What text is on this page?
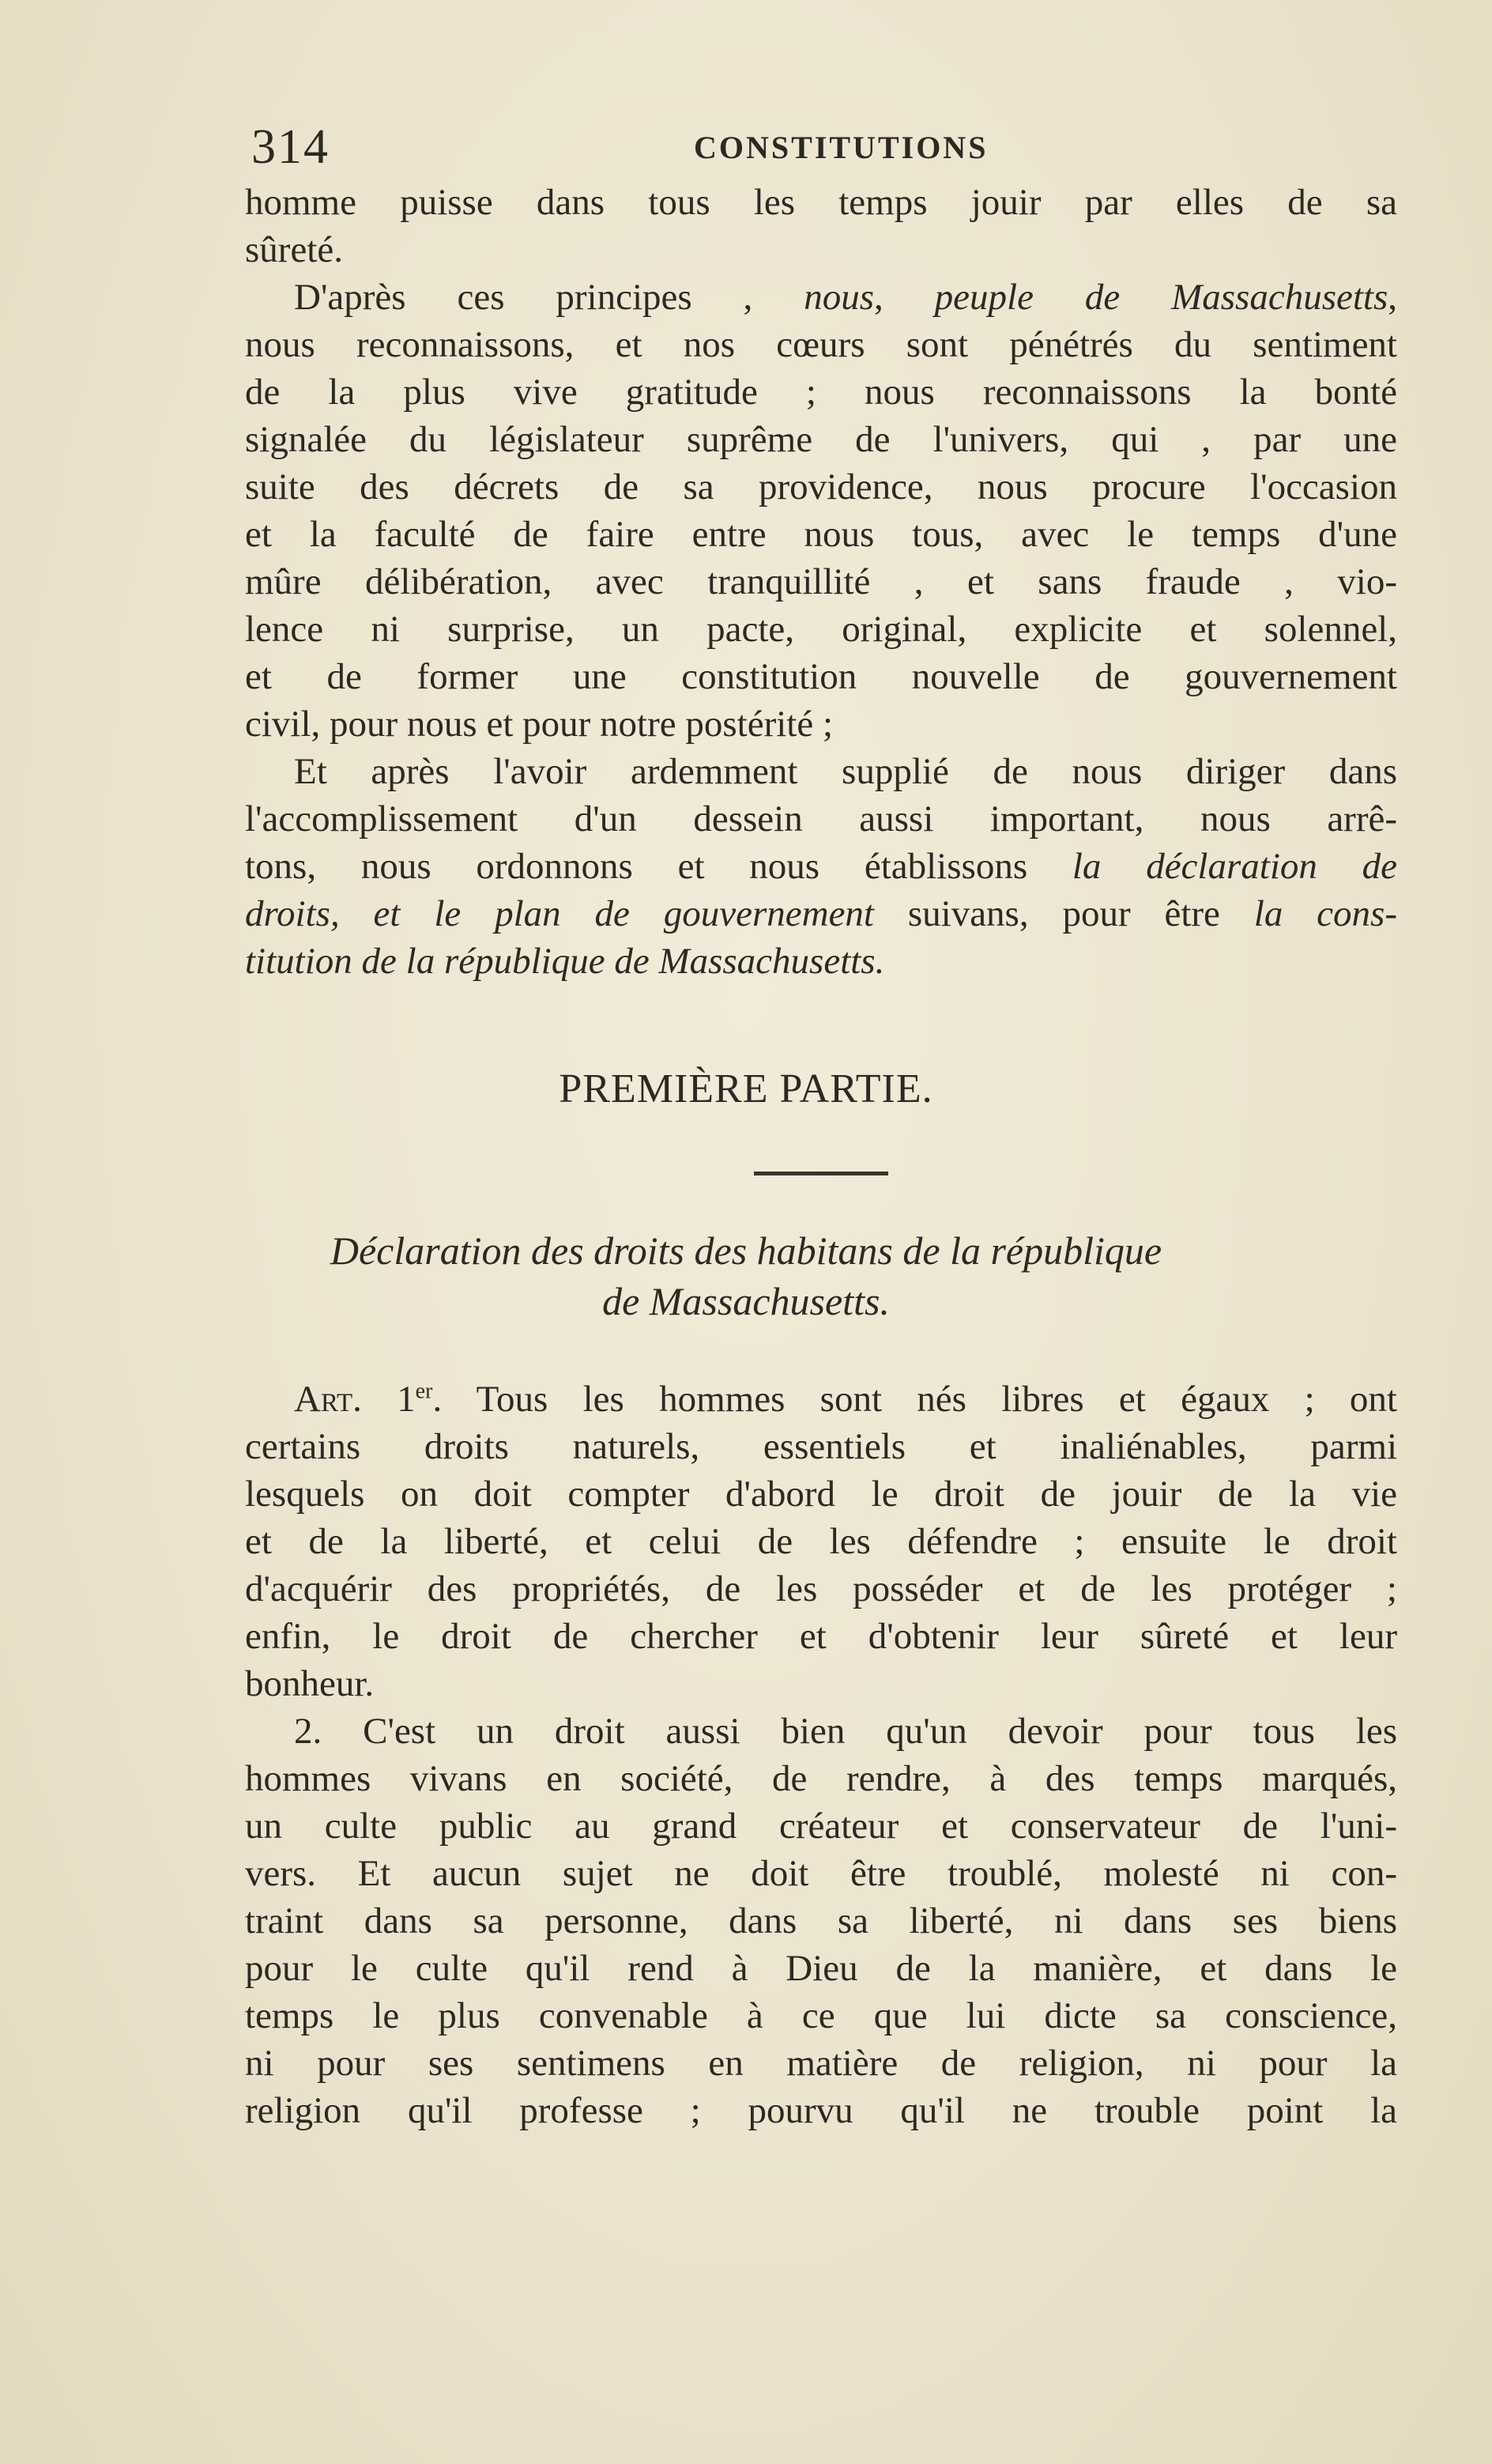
314	CONSTITUTIONS

homme puisse dans tous les temps jouir par elles de sa

sûreté.

D'après ces principes , nous, peuple de Massachusetts,

nous reconnaissons, et nos cœurs sont pénétrés du sentiment

de la plus vive gratitude ; nous reconnaissons la bonté

signalée du législateur suprême de l'univers, qui , par une

suite des décrets de sa providence, nous procure l'occasion

et la faculté de faire entre nous tous, avec le temps d'une

mûre délibération, avec tranquillité , et sans fraude , vio-

lence ni surprise, un pacte, original, explicite et solennel,

et de former une constitution nouvelle de gouvernement

civil, pour nous et pour notre postérité ;

Et après l'avoir ardemment supplié de nous diriger dans

l'accomplissement d'un dessein aussi important, nous arrê-

tons, nous ordonnons et nous établissons la déclaration de

droits, et le plan de gouvernement suivans, pour être la cons-

titution de la république de Massachusetts.

PREMIÈRE PARTIE.
Déclaration des droits des habitans de la république
de Massachusetts.

Art. 1er. Tous les hommes sont nés libres et égaux ; ont

certains droits naturels, essentiels et inaliénables, parmi

lesquels on doit compter d'abord le droit de jouir de la vie

et de la liberté, et celui de les défendre ; ensuite le droit

d'acquérir des propriétés, de les posséder et de les protéger ;

enfin, le droit de chercher et d'obtenir leur sûreté et leur

bonheur.

2. C'est un droit aussi bien qu'un devoir pour tous les

hommes vivans en société, de rendre, à des temps marqués,

un culte public au grand créateur et conservateur de l'uni-

vers. Et aucun sujet ne doit être troublé, molesté ni con-

traint dans sa personne, dans sa liberté, ni dans ses biens

pour le culte qu'il rend à Dieu de la manière, et dans le

temps le plus convenable à ce que lui dicte sa conscience,

ni pour ses sentimens en matière de religion, ni pour la

religion qu'il professe ; pourvu qu'il ne trouble point la
